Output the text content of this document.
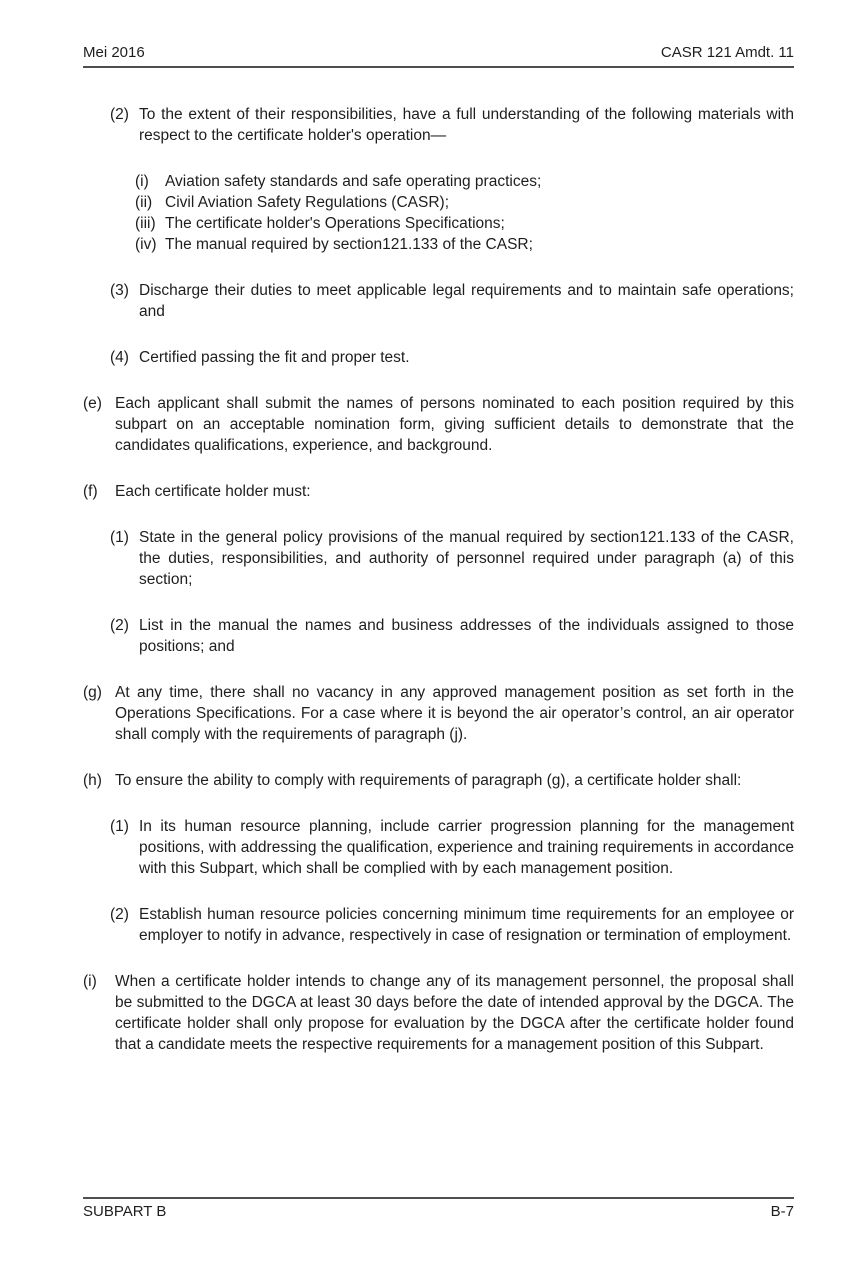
Mei 2016	CASR 121 Amdt. 11
(2) To the extent of their responsibilities, have a full understanding of the following materials with respect to the certificate holder's operation—
(i)	Aviation safety standards and safe operating practices;
(ii) Civil Aviation Safety Regulations (CASR);
(iii) The certificate holder's Operations Specifications;
(iv) The manual required by section121.133 of the CASR;
(3) Discharge their duties to meet applicable legal requirements and to maintain safe operations; and
(4) Certified passing the fit and proper test.
(e) Each applicant shall submit the names of persons nominated to each position required by this subpart on an acceptable nomination form, giving sufficient details to demonstrate that the candidates qualifications, experience, and background.
(f)	Each certificate holder must:
(1) State in the general policy provisions of the manual required by section121.133 of the CASR, the duties, responsibilities, and authority of personnel required under paragraph (a) of this section;
(2) List in the manual the names and business addresses of the individuals assigned to those positions; and
(g) At any time, there shall no vacancy in any approved management position as set forth in the Operations Specifications. For a case where it is beyond the air operator’s control, an air operator shall comply with the requirements of paragraph (j).
(h) To ensure the ability to comply with requirements of paragraph (g), a certificate holder shall:
(1) In its human resource planning, include carrier progression planning for the management positions, with addressing the qualification, experience and training requirements in accordance with this Subpart, which shall be complied with by each management position.
(2) Establish human resource policies concerning minimum time requirements for an employee or employer to notify in advance, respectively in case of resignation or termination of employment.
(i)	When a certificate holder intends to change any of its management personnel, the proposal shall be submitted to the DGCA at least 30 days before the date of intended approval by the DGCA. The certificate holder shall only propose for evaluation by the DGCA after the certificate holder found that a candidate meets the respective requirements for a management position of this Subpart.
SUBPART B	B-7
